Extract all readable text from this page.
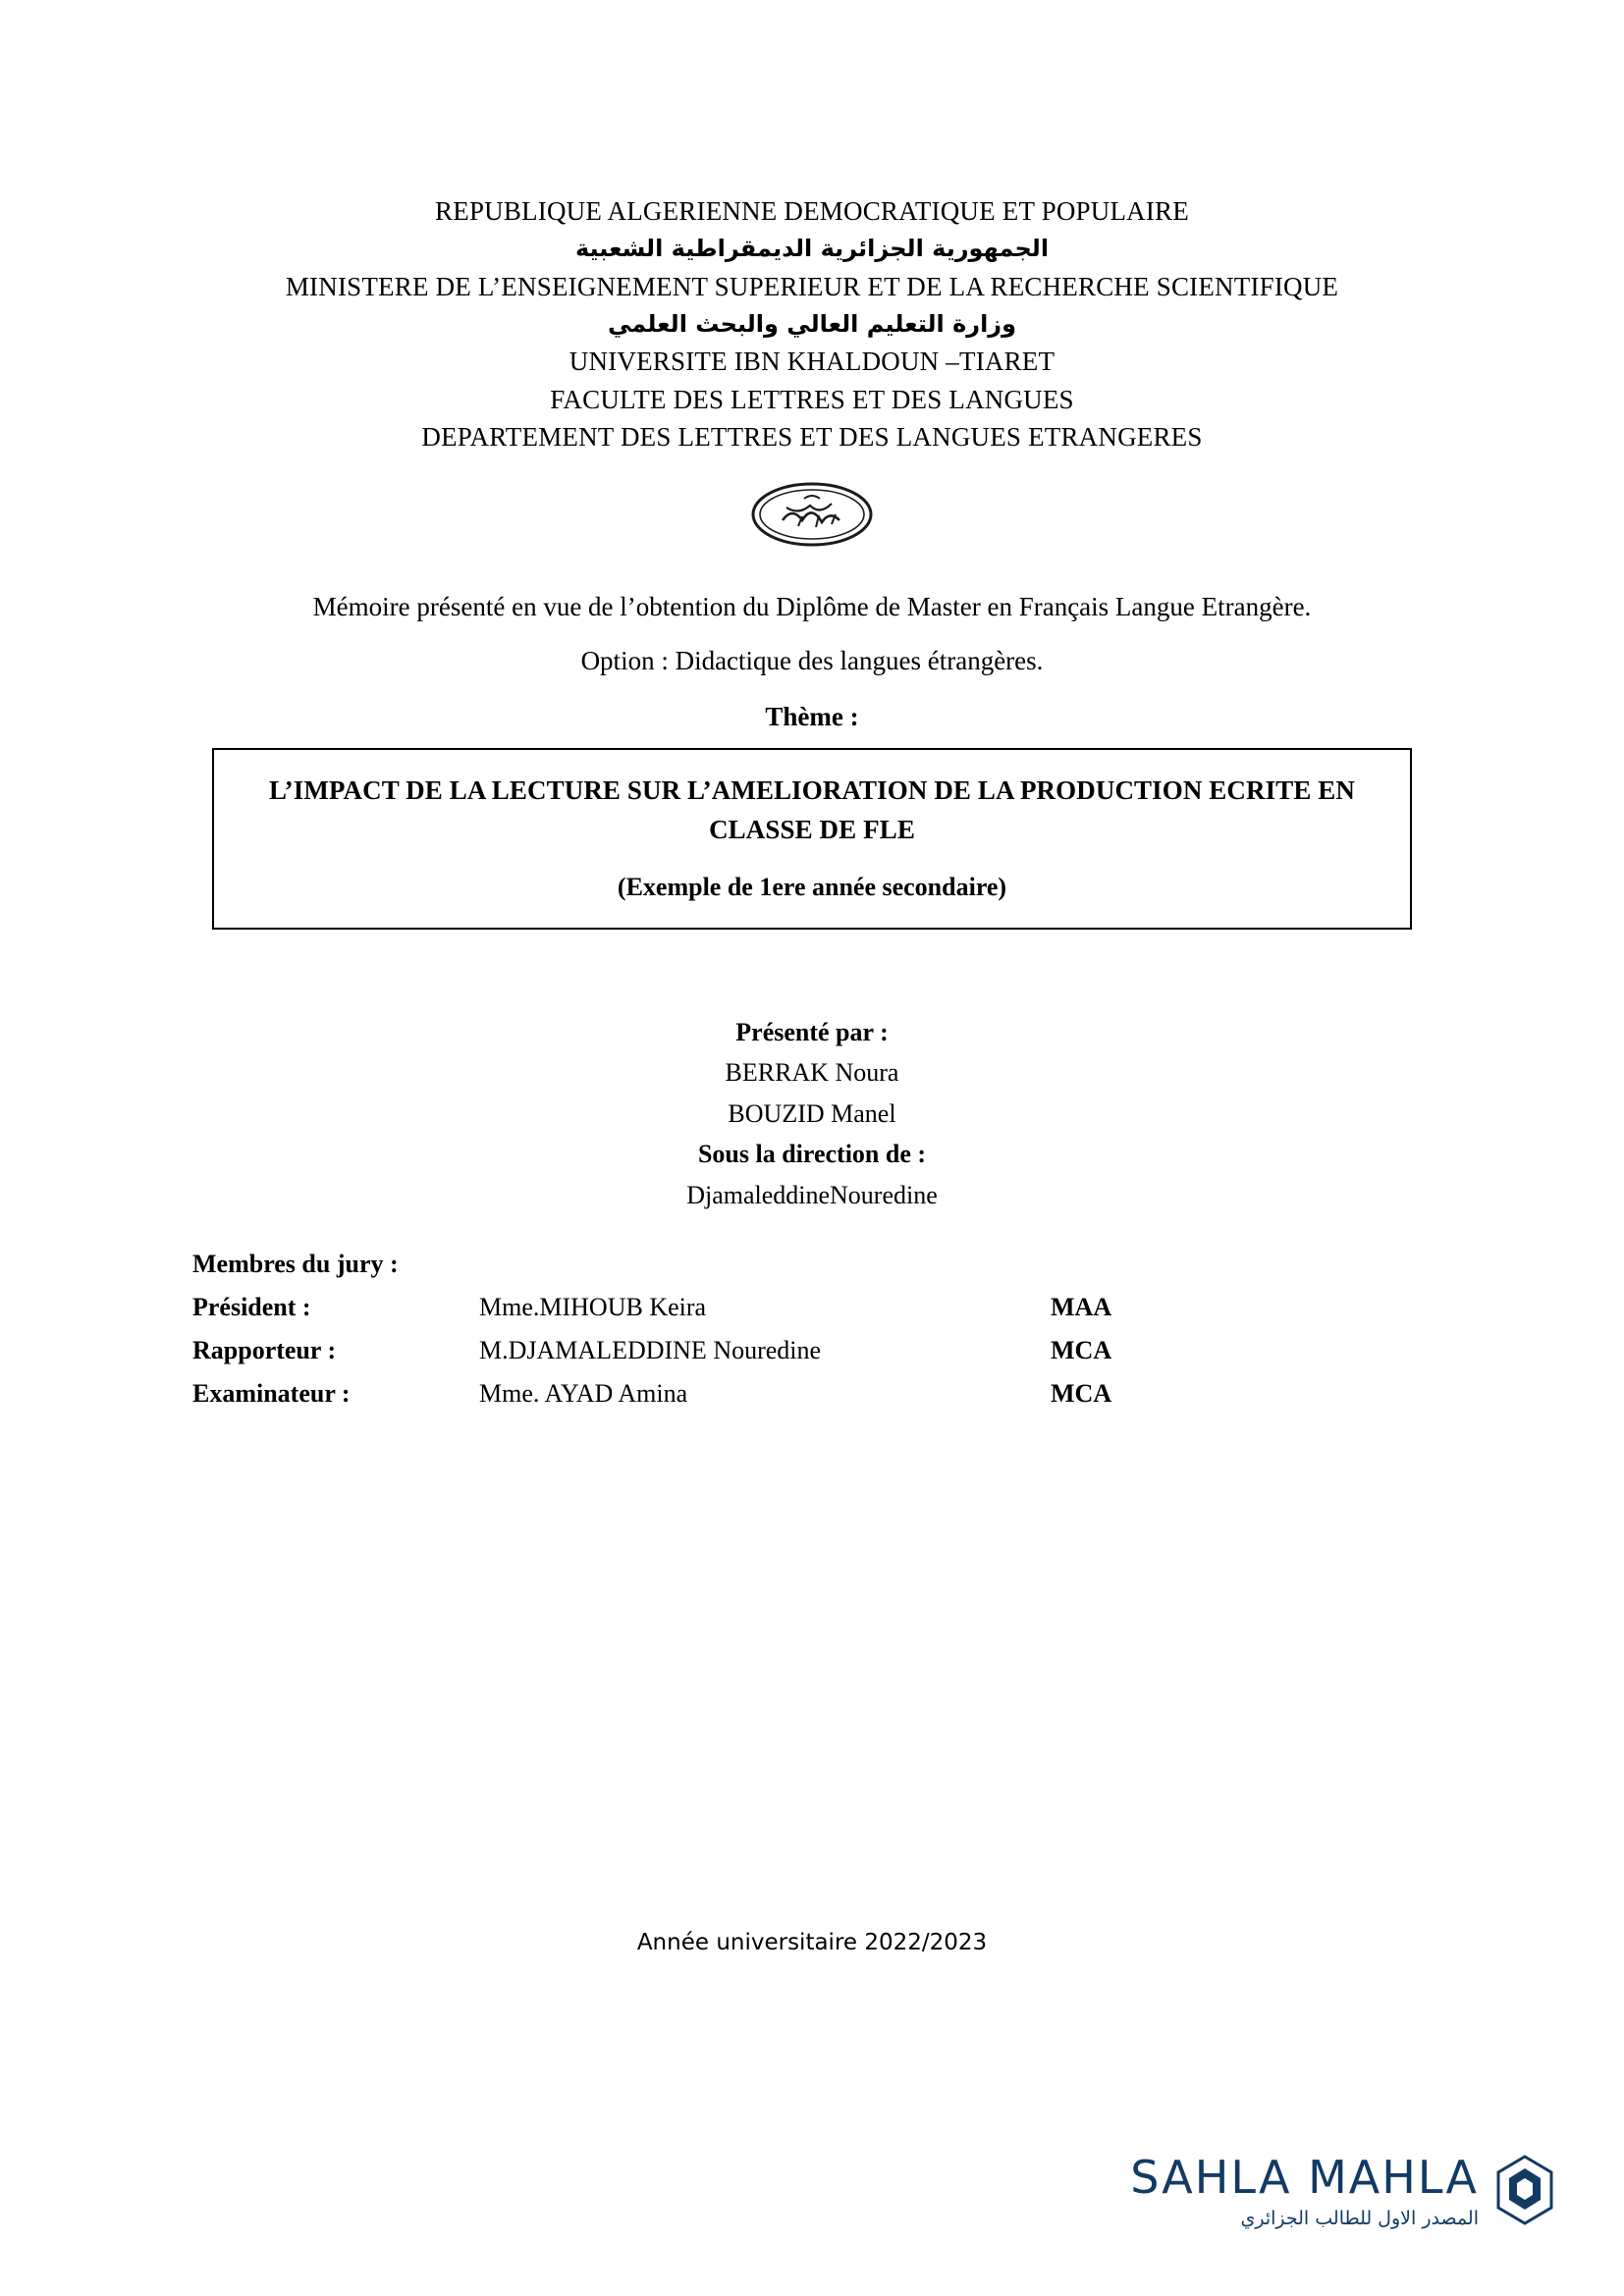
REPUBLIQUE ALGERIENNE DEMOCRATIQUE ET POPULAIRE
الجمهورية الجزائرية الديمقراطية الشعبية
MINISTERE DE L’ENSEIGNEMENT SUPERIEUR ET DE LA RECHERCHE SCIENTIFIQUE
وزارة التعليم العالي والبحث العلمي
UNIVERSITE IBN KHALDOUN –TIARET
FACULTE DES LETTRES ET DES LANGUES
DEPARTEMENT DES LETTRES ET DES LANGUES ETRANGERES
Mémoire présenté en vue de l’obtention du Diplôme de Master en Français Langue Etrangère.
Option : Didactique des langues étrangères.
Thème :
L’IMPACT DE LA LECTURE SUR L’AMELIORATION DE LA PRODUCTION ECRITE EN CLASSE DE FLE
(Exemple de 1ere année secondaire)
Présenté par :
BERRAK Noura
BOUZID Manel
Sous la direction de :
DjamaleddineNouredine
Membres du jury :
Président :	Mme.MIHOUB Keira	MAA
Rapporteur :	M.DJAMALEDDINE Nouredine	MCA
Examinateur :	Mme. AYAD Amina	MCA
Année universitaire 2022/2023
SAHLA MAHLA
المصدر الاول للطالب الجزائري
